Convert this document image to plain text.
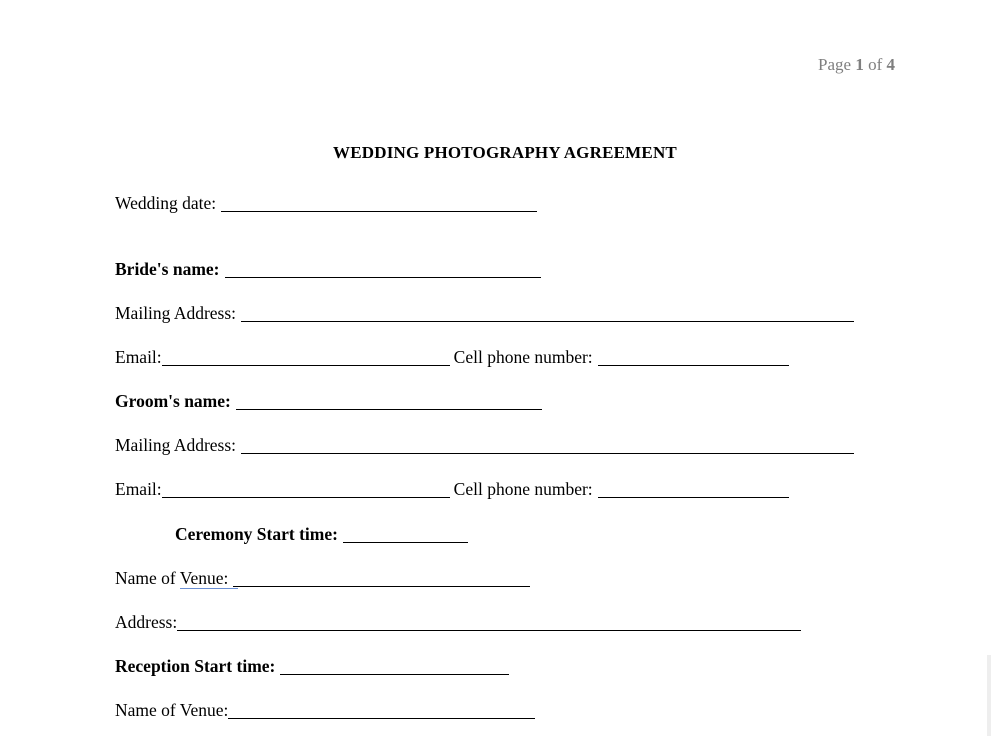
Page 1 of 4
WEDDING PHOTOGRAPHY AGREEMENT
Wedding date:
Bride's name:
Mailing Address:
Email:	Cell phone number:
Groom's name:
Mailing Address:
Email:	Cell phone number:
Ceremony Start time:
Name of Venue:
Address:
Reception Start time:
Name of Venue:
